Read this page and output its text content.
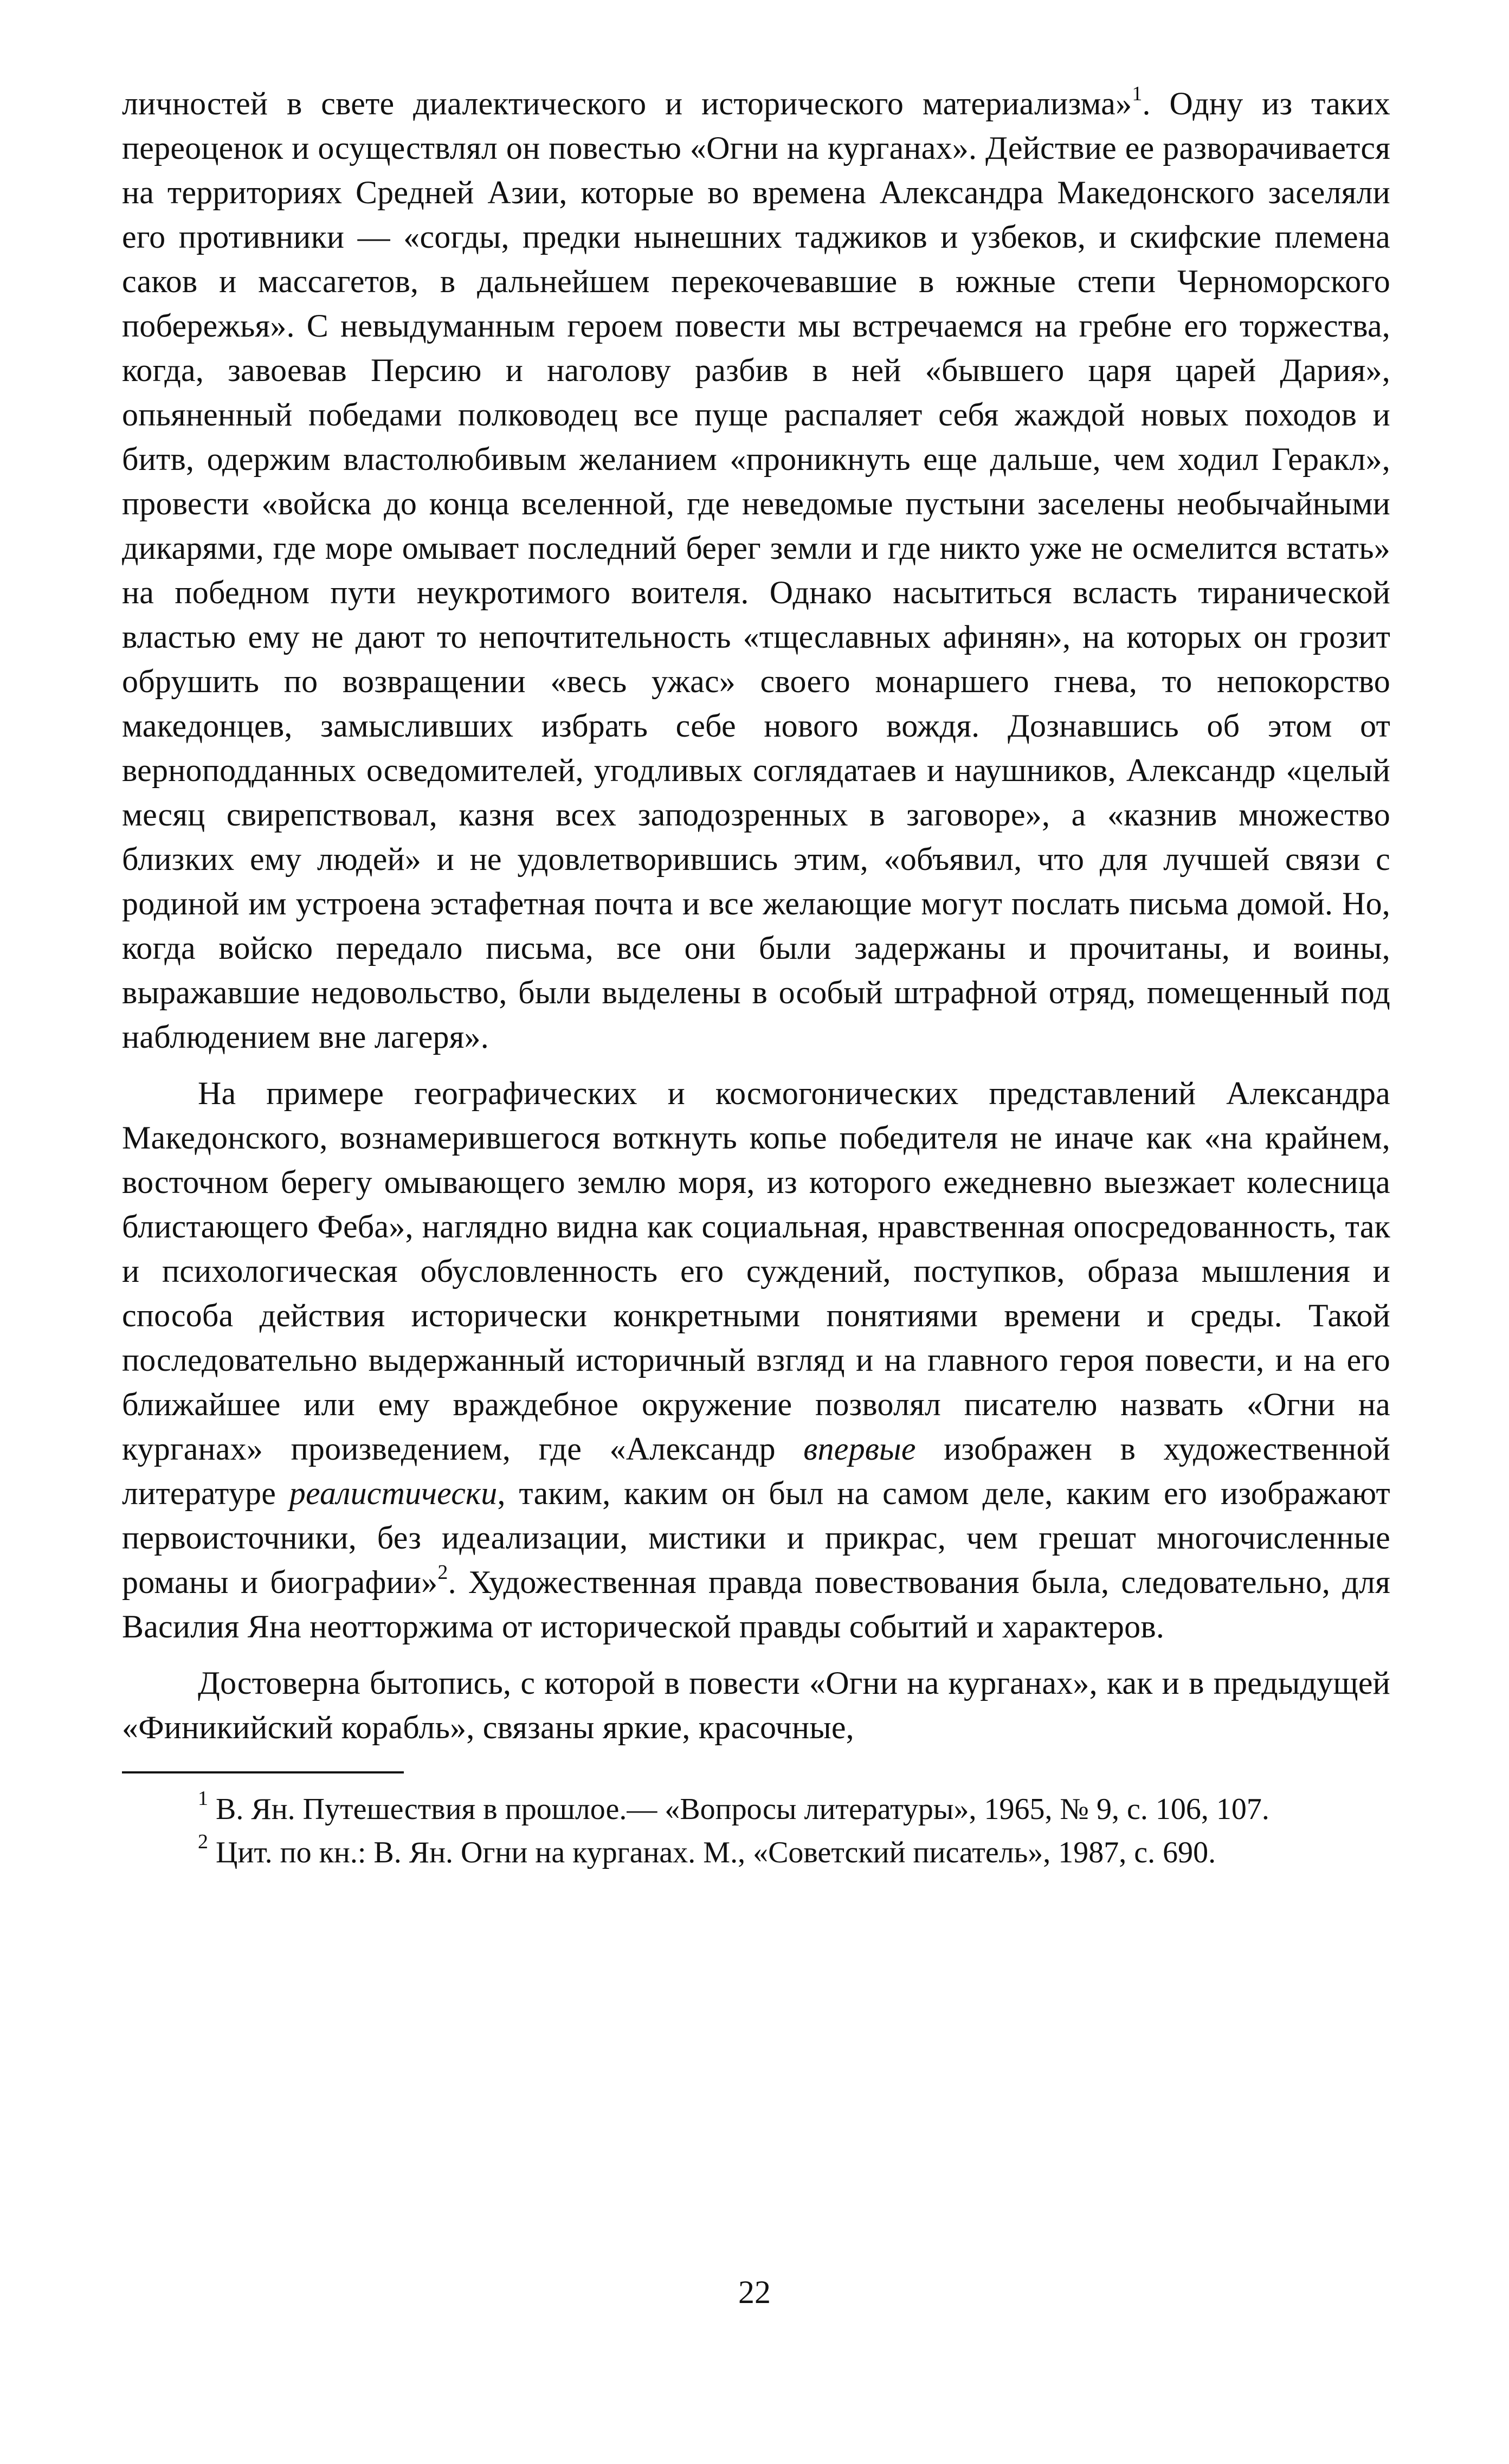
личностей в свете диалектического и исторического материализма»$^1$. Одну из таких переоценок и осуществлял он повестью «Огни на курганах». Действие ее разворачивается на территориях Средней Азии, которые во времена Александра Македонского заселяли его противники — «согды, предки нынешних таджиков и узбеков, и скифские племена саков и массагетов, в дальнейшем перекочевавшие в южные степи Черноморского побережья». С невыдуманным героем повести мы встречаемся на гребне его торжества, когда, завоевав Персию и наголову разбив в ней «бывшего царя царей Дария», опьяненный победами полководец все пуще распаляет себя жаждой новых походов и битв, одержим властолюбивым желанием «проникнуть еще дальше, чем ходил Геракл», провести «войска до конца вселенной, где неведомые пустыни заселены необычайными дикарями, где море омывает последний берег земли и где никто уже не осмелится встать» на победном пути неукротимого воителя. Однако насытиться всласть тиранической властью ему не дают то непочтительность «тщеславных афинян», на которых он грозит обрушить по возвращении «весь ужас» своего монаршего гнева, то непокорство македонцев, замысливших избрать себе нового вождя. Дознавшись об этом от верноподданных осведомителей, угодливых соглядатаев и наушников, Александр «целый месяц свирепствовал, казня всех заподозренных в заговоре», а «казнив множество близких ему людей» и не удовлетворившись этим, «объявил, что для лучшей связи с родиной им устроена эстафетная почта и все желающие могут послать письма домой. Но, когда войско передало письма, все они были задержаны и прочитаны, и воины, выражавшие недовольство, были выделены в особый штрафной отряд, помещенный под наблюдением вне лагеря».

На примере географических и космогонических представлений Александра Македонского, вознамерившегося воткнуть копье победителя не иначе как «на крайнем, восточном берегу омывающего землю моря, из которого ежедневно выезжает колесница блистающего Феба», наглядно видна как социальная, нравственная опосредованность, так и психологическая обусловленность его суждений, поступков, образа мышления и способа действия исторически конкретными понятиями времени и среды. Такой последовательно выдержанный историчный взгляд и на главного героя повести, и на его ближайшее или ему враждебное окружение позволял писателю назвать «Огни на курганах» произведением, где «Александр впервые изображен в художественной литературе реалистически, таким, каким он был на самом деле, каким его изображают первоисточники, без идеализации, мистики и прикрас, чем грешат многочисленные романы и биографии»$^2$. Художественная правда повествования была, следовательно, для Василия Яна неотторжима от исторической правды событий и характеров.

Достоверна бытопись, с которой в повести «Огни на курганах», как и в предыдущей «Финикийский корабль», связаны яркие, красочные,

$^1$ В. Ян. Путешествия в прошлое.— «Вопросы литературы», 1965, № 9, с. 106, 107.

$^2$ Цит. по кн.: В. Ян. Огни на курганах. М., «Советский писатель», 1987, с. 690.

22
